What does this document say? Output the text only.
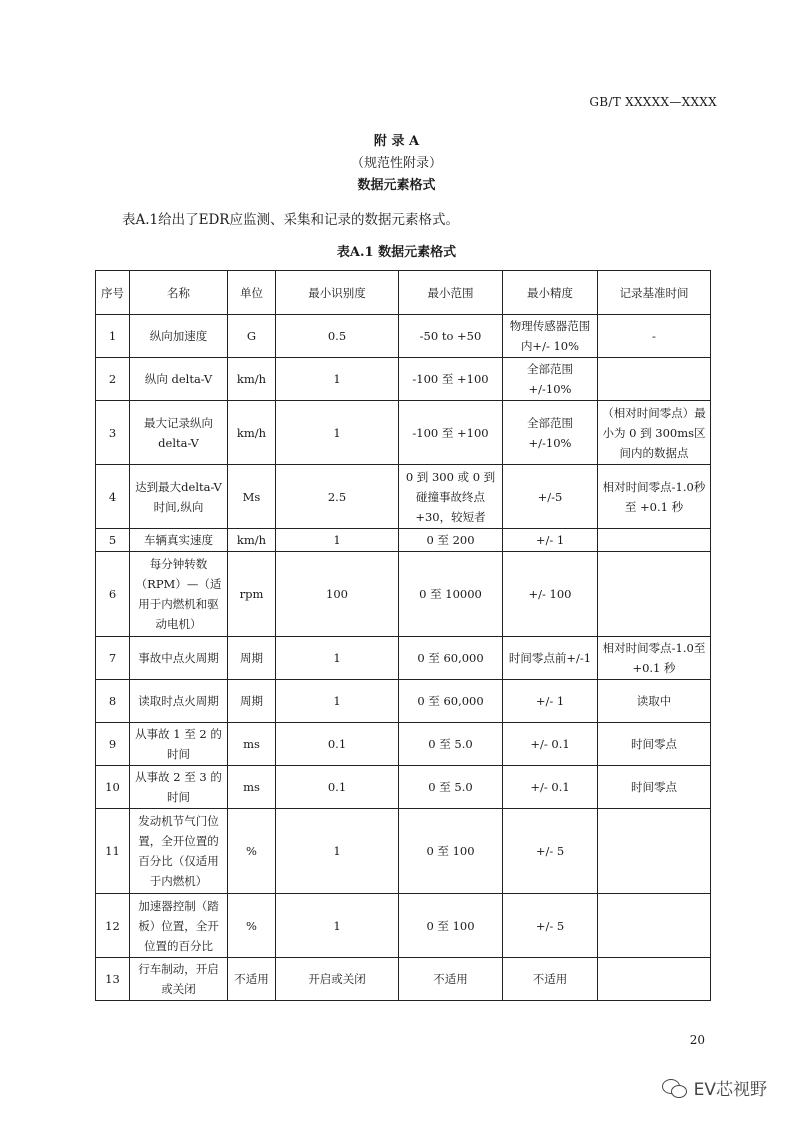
GB/T XXXXX—XXXX
附 录 A
（规范性附录）
数据元素格式
表A.1给出了EDR应监测、采集和记录的数据元素格式。
表A.1 数据元素格式
序号	名称	单位	最小识别度	最小范围	最小精度	记录基准时间
1	纵向加速度	G	0.5	-50 to +50	物理传感器范围内+/- 10%	-
2	纵向 delta-V	km/h	1	-100 至 +100	全部范围+/-10%	
3	最大记录纵向delta-V	km/h	1	-100 至 +100	全部范围+/-10%	（相对时间零点）最小为 0 到 300ms区间内的数据点
4	达到最大delta-V 时间,纵向	Ms	2.5	0 到 300 或 0 到碰撞事故终点+30，较短者	+/-5	相对时间零点-1.0秒至 +0.1 秒
5	车辆真实速度	km/h	1	0 至 200	+/- 1	
6	每分钟转数（RPM）—（适用于内燃机和驱动电机）	rpm	100	0 至 10000	+/- 100	
7	事故中点火周期	周期	1	0 至 60,000	时间零点前+/-1	相对时间零点-1.0至 +0.1 秒
8	读取时点火周期	周期	1	0 至 60,000	+/- 1	读取中
9	从事故 1 至 2 的时间	ms	0.1	0 至 5.0	+/- 0.1	时间零点
10	从事故 2 至 3 的时间	ms	0.1	0 至 5.0	+/- 0.1	时间零点
11	发动机节气门位置，全开位置的百分比（仅适用于内燃机）	%	1	0 至 100	+/- 5	
12	加速器控制（踏板）位置，全开位置的百分比	%	1	0 至 100	+/- 5	
13	行车制动，开启或关闭	不适用	开启或关闭	不适用	不适用	
20
EV芯视野
